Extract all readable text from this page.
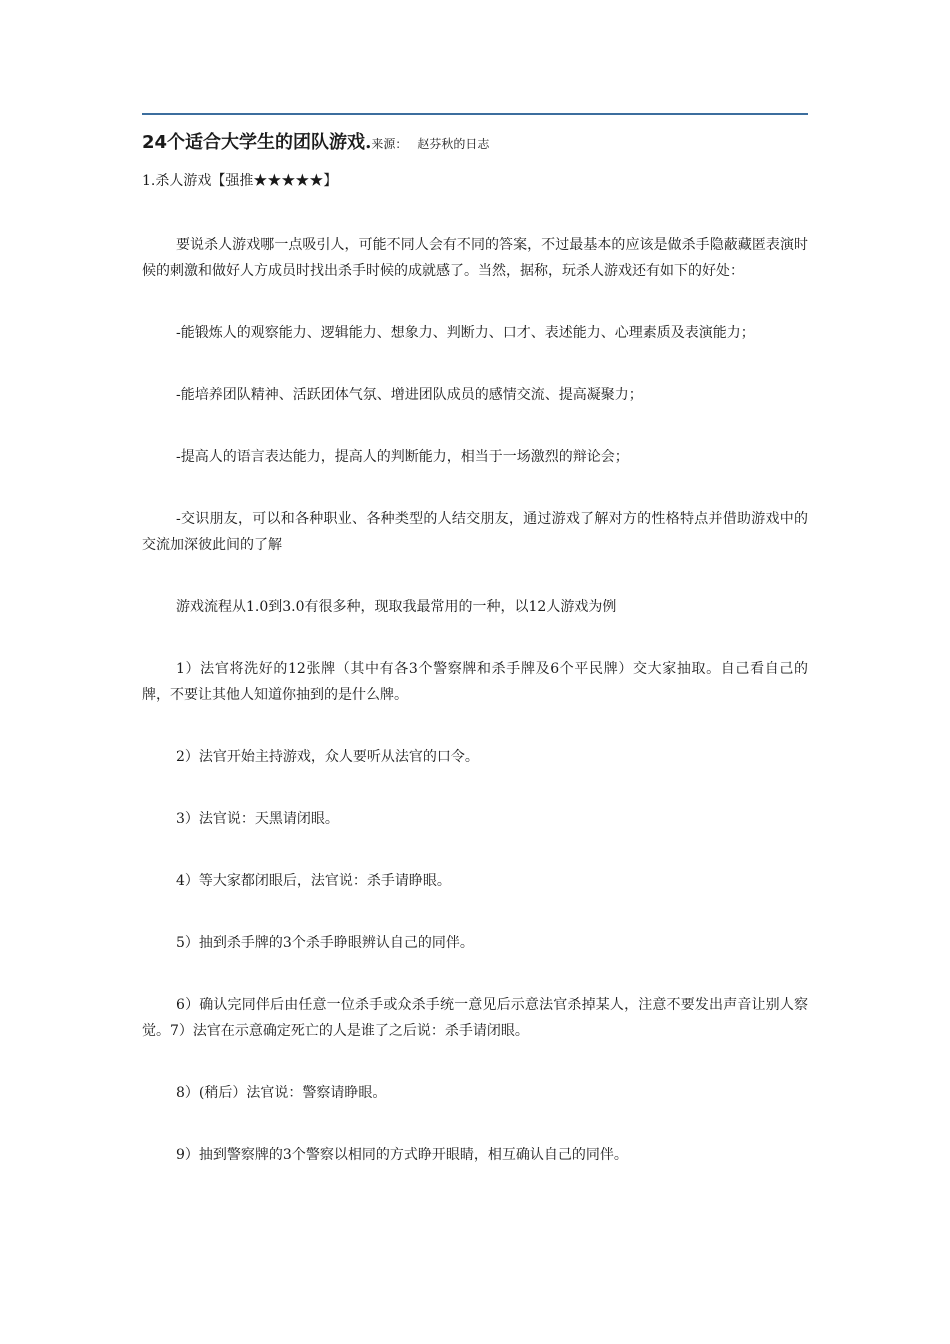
24个适合大学生的团队游戏.来源： 赵芬秋的日志
1.杀人游戏【强推★★★★★】

要说杀人游戏哪一点吸引人，可能不同人会有不同的答案，不过最基本的应该是做杀手隐蔽藏匿表演时候的刺激和做好人方成员时找出杀手时候的成就感了。当然，据称，玩杀人游戏还有如下的好处：

-能锻炼人的观察能力、逻辑能力、想象力、判断力、口才、表述能力、心理素质及表演能力；

-能培养团队精神、活跃团体气氛、增进团队成员的感情交流、提高凝聚力；

-提高人的语言表达能力，提高人的判断能力，相当于一场激烈的辩论会；

-交识朋友，可以和各种职业、各种类型的人结交朋友，通过游戏了解对方的性格特点并借助游戏中的交流加深彼此间的了解

游戏流程从1.0到3.0有很多种，现取我最常用的一种，以12人游戏为例

1）法官将洗好的12张牌（其中有各3个警察牌和杀手牌及6个平民牌）交大家抽取。自己看自己的牌，不要让其他人知道你抽到的是什么牌。

2）法官开始主持游戏，众人要听从法官的口令。

3）法官说：天黑请闭眼。

4）等大家都闭眼后，法官说：杀手请睁眼。

5）抽到杀手牌的3个杀手睁眼辨认自己的同伴。

6）确认完同伴后由任意一位杀手或众杀手统一意见后示意法官杀掉某人，注意不要发出声音让别人察觉。7）法官在示意确定死亡的人是谁了之后说：杀手请闭眼。

8）(稍后）法官说：警察请睁眼。

9）抽到警察牌的3个警察以相同的方式睁开眼睛，相互确认自己的同伴。
